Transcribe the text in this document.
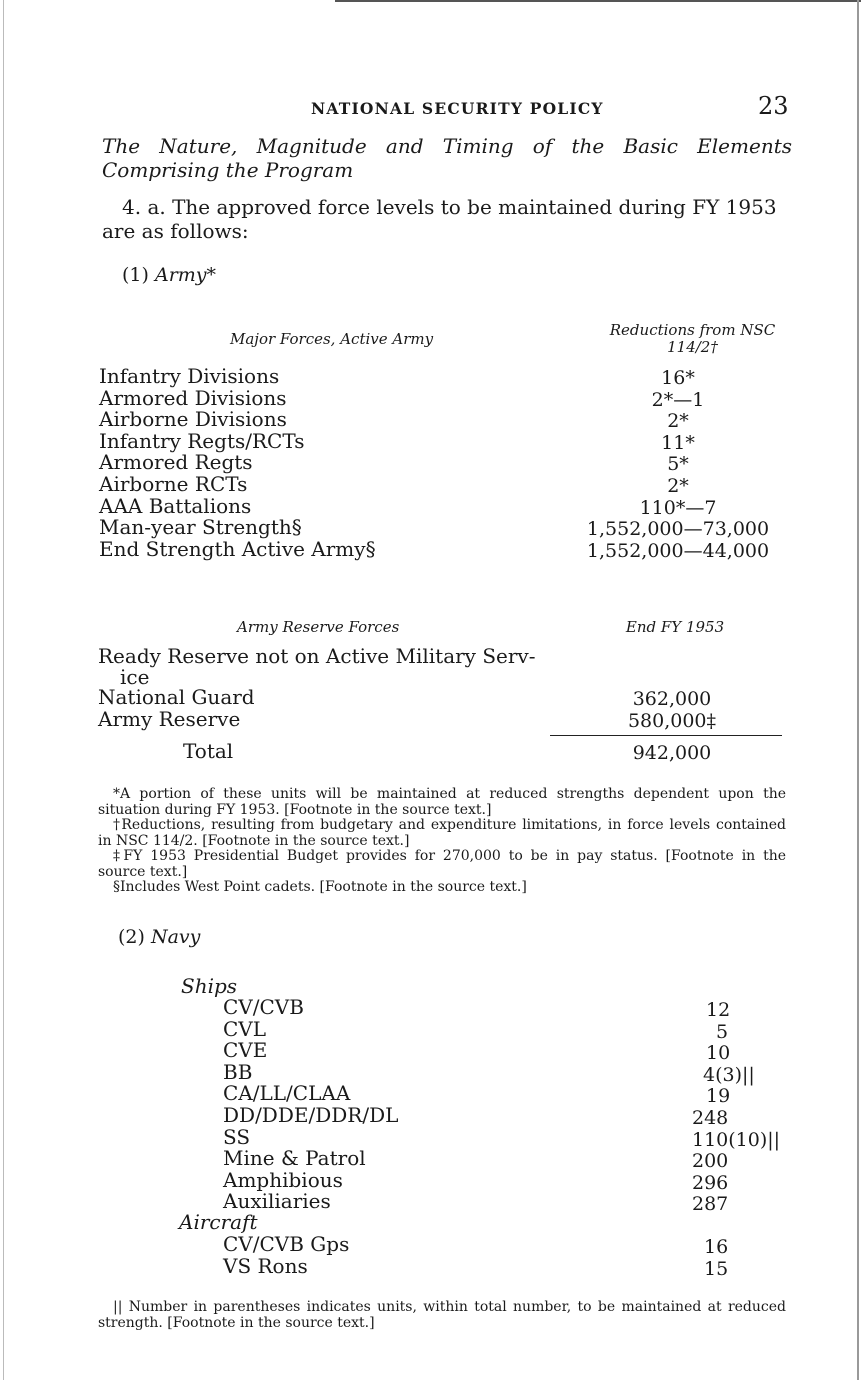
NATIONAL SECURITY POLICY	23
The Nature, Magnitude and Timing of the Basic Elements Comprising the Program
4. a. The approved force levels to be maintained during FY 1953 are as follows:
(1) Army*
Major Forces, Active Army	Reductions from NSC
114/2†
Infantry Divisions	16*
Armored Divisions	2*—1
Airborne Divisions	2*
Infantry Regts/RCTs	11*
Armored Regts	5*
Airborne RCTs	2*
AAA Battalions	110*—7
Man-year Strength§	1,552,000—73,000
End Strength Active Army§	1,552,000—44,000
Army Reserve Forces	End FY 1953
Ready Reserve not on Active Military Serv-
ice
National Guard	362,000
Army Reserve	580,000‡
Total	942,000

*A portion of these units will be maintained at reduced strengths dependent upon the situation during FY 1953. [Footnote in the source text.]

†Reductions, resulting from budgetary and expenditure limitations, in force levels contained in NSC 114/2. [Footnote in the source text.]

‡FY 1953 Presidential Budget provides for 270,000 to be in pay status. [Footnote in the source text.]

§Includes West Point cadets. [Footnote in the source text.]

(2) Navy
Ships
CV/CVB	12
CVL	5
CVE	10
BB	4(3)||
CA/LL/CLAA	19
DD/DDE/DDR/DL	248
SS	110(10)||
Mine & Patrol	200
Amphibious	296
Auxiliaries	287
Aircraft
CV/CVB Gps	16
VS Rons	15

|| Number in parentheses indicates units, within total number, to be maintained at reduced strength. [Footnote in the source text.]
